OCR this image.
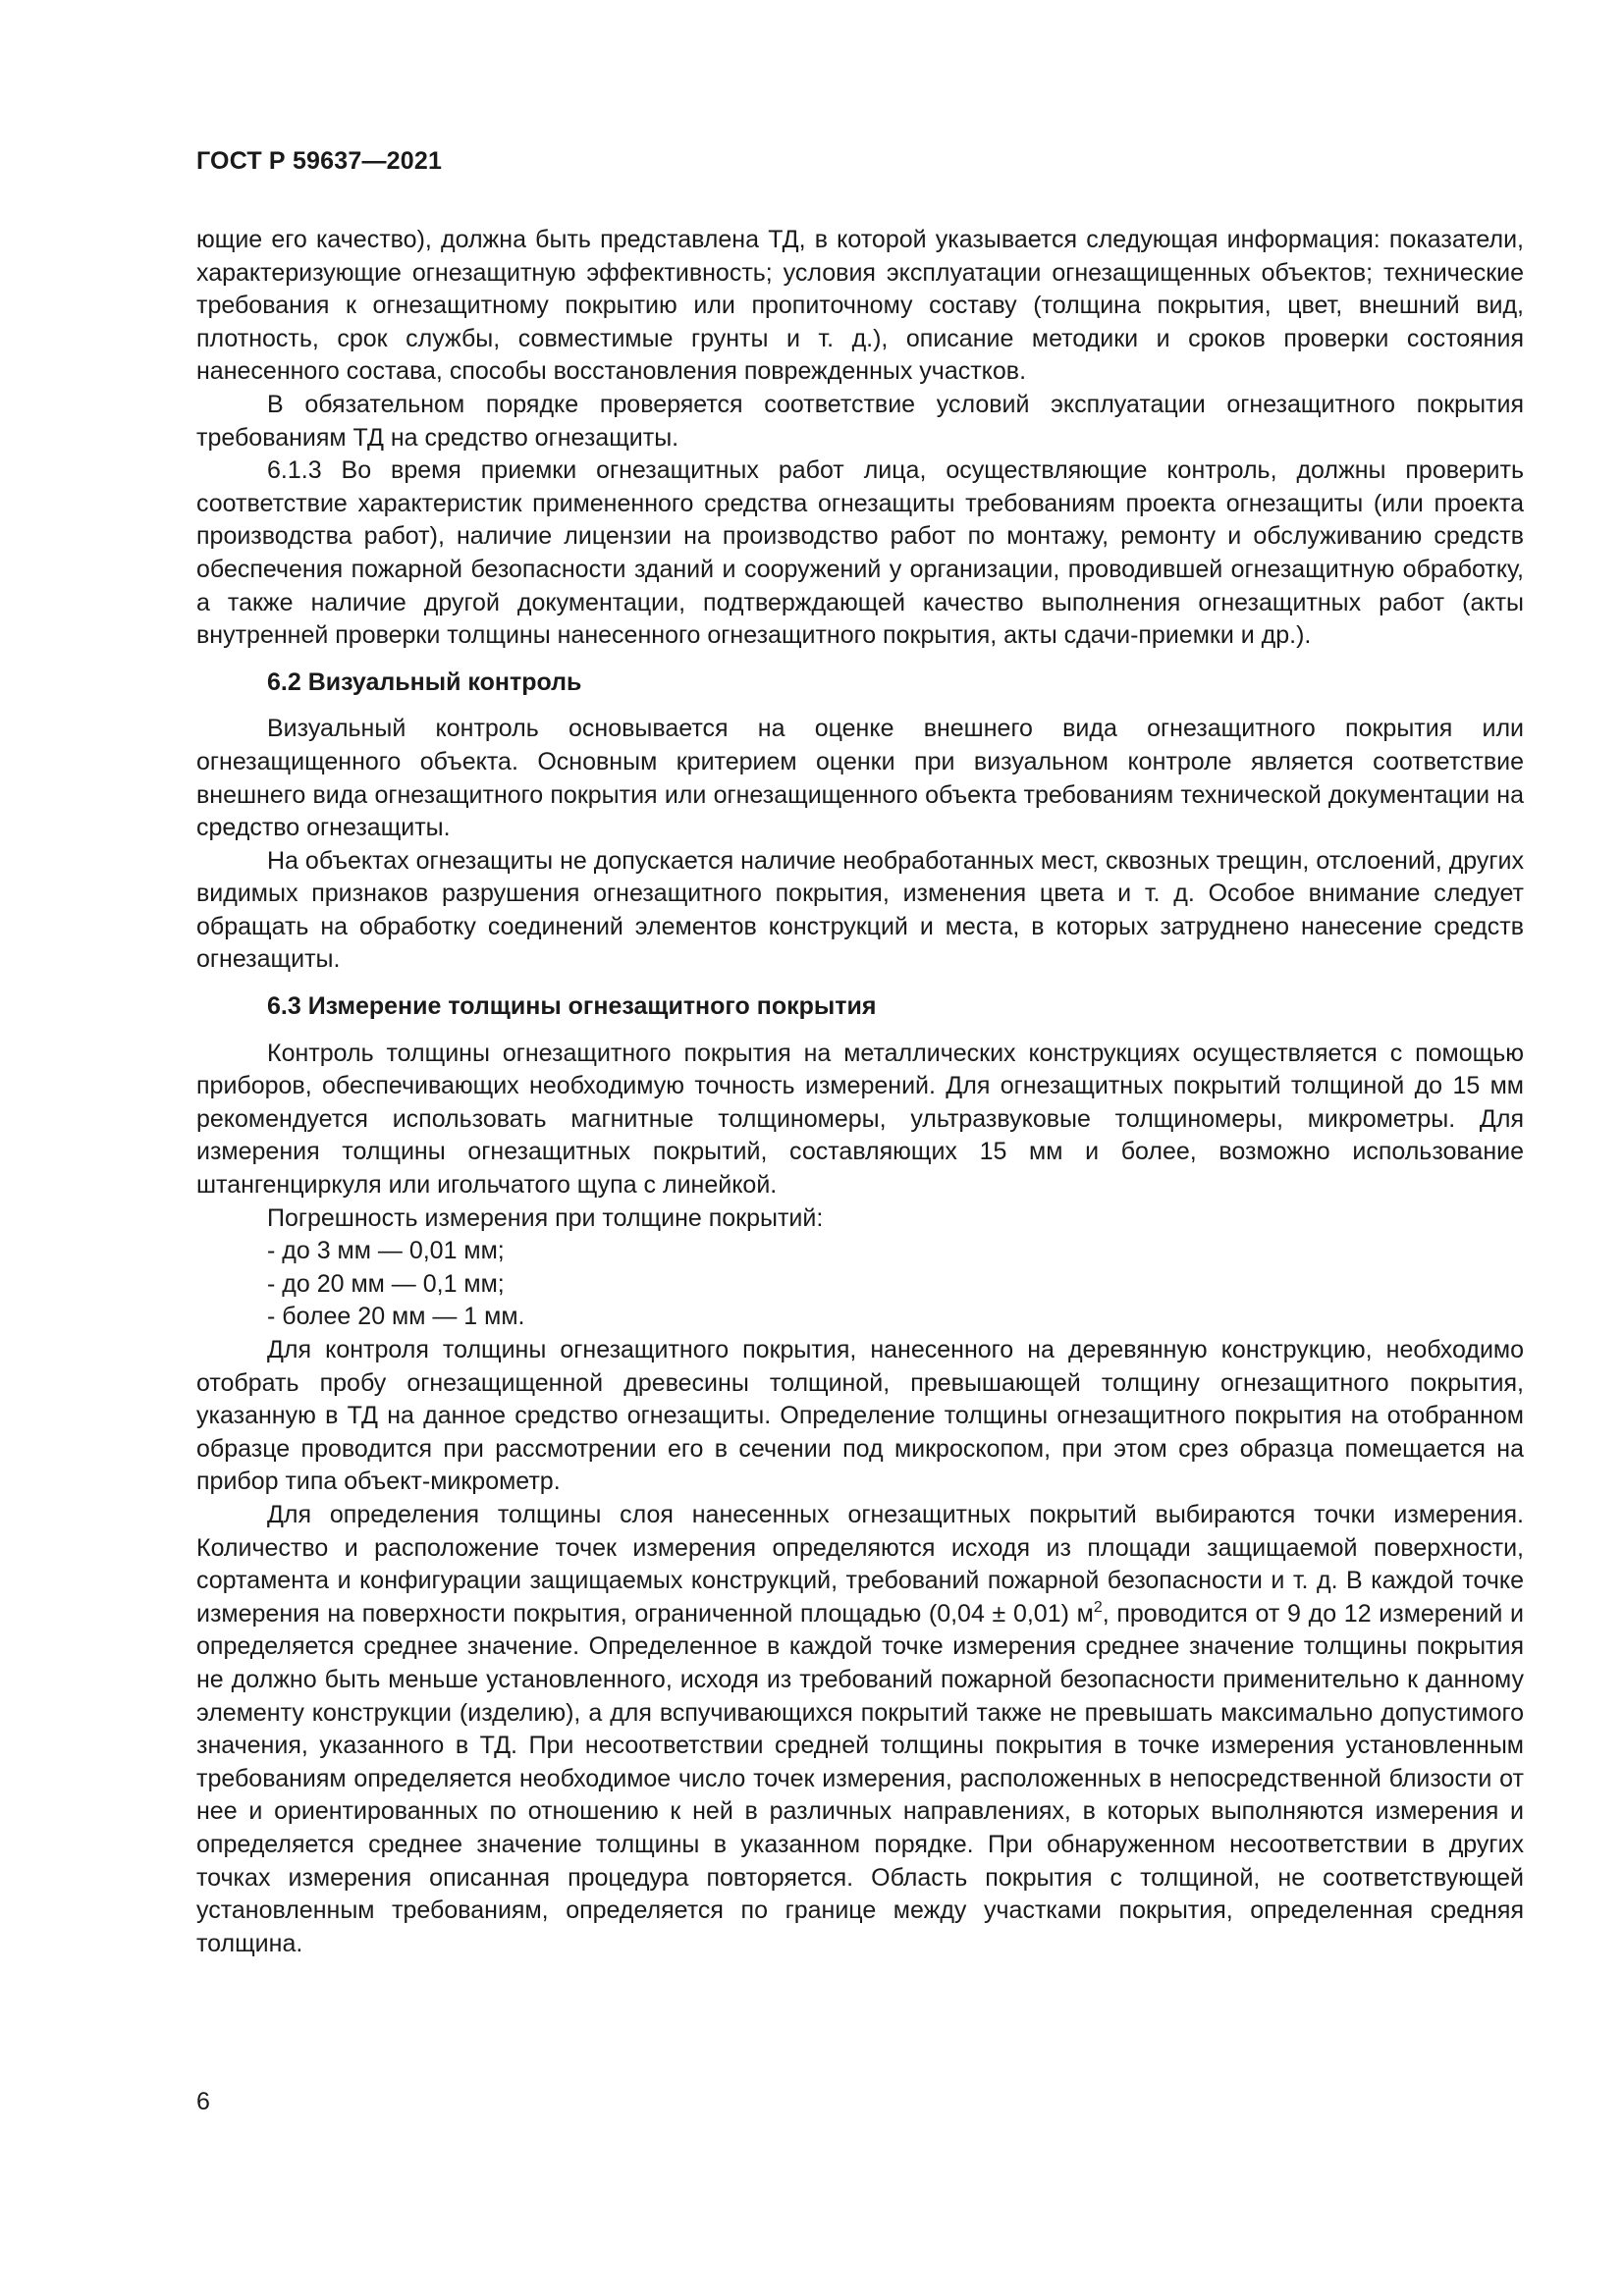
ГОСТ Р 59637—2021

ющие его качество), должна быть представлена ТД, в которой указывается следующая информация: показатели, характеризующие огнезащитную эффективность; условия эксплуатации огнезащищенных объектов; технические требования к огнезащитному покрытию или пропиточному составу (толщина покрытия, цвет, внешний вид, плотность, срок службы, совместимые грунты и т. д.), описание методики и сроков проверки состояния нанесенного состава, способы восстановления поврежденных участков.

В обязательном порядке проверяется соответствие условий эксплуатации огнезащитного покрытия требованиям ТД на средство огнезащиты.

6.1.3 Во время приемки огнезащитных работ лица, осуществляющие контроль, должны проверить соответствие характеристик примененного средства огнезащиты требованиям проекта огнезащиты (или проекта производства работ), наличие лицензии на производство работ по монтажу, ремонту и обслуживанию средств обеспечения пожарной безопасности зданий и сооружений у организации, проводившей огнезащитную обработку, а также наличие другой документации, подтверждающей качество выполнения огнезащитных работ (акты внутренней проверки толщины нанесенного огнезащитного покрытия, акты сдачи-приемки и др.).

6.2 Визуальный контроль

Визуальный контроль основывается на оценке внешнего вида огнезащитного покрытия или огнезащищенного объекта. Основным критерием оценки при визуальном контроле является соответствие внешнего вида огнезащитного покрытия или огнезащищенного объекта требованиям технической документации на средство огнезащиты.

На объектах огнезащиты не допускается наличие необработанных мест, сквозных трещин, отслоений, других видимых признаков разрушения огнезащитного покрытия, изменения цвета и т. д. Особое внимание следует обращать на обработку соединений элементов конструкций и места, в которых затруднено нанесение средств огнезащиты.

6.3 Измерение толщины огнезащитного покрытия

Контроль толщины огнезащитного покрытия на металлических конструкциях осуществляется с помощью приборов, обеспечивающих необходимую точность измерений. Для огнезащитных покрытий толщиной до 15 мм рекомендуется использовать магнитные толщиномеры, ультразвуковые толщиномеры, микрометры. Для измерения толщины огнезащитных покрытий, составляющих 15 мм и более, возможно использование штангенциркуля или игольчатого щупа с линейкой.

Погрешность измерения при толщине покрытий:

- до 3 мм — 0,01 мм;

- до 20 мм — 0,1 мм;

- более 20 мм — 1 мм.

Для контроля толщины огнезащитного покрытия, нанесенного на деревянную конструкцию, необходимо отобрать пробу огнезащищенной древесины толщиной, превышающей толщину огнезащитного покрытия, указанную в ТД на данное средство огнезащиты. Определение толщины огнезащитного покрытия на отобранном образце проводится при рассмотрении его в сечении под микроскопом, при этом срез образца помещается на прибор типа объект-микрометр.

Для определения толщины слоя нанесенных огнезащитных покрытий выбираются точки измерения. Количество и расположение точек измерения определяются исходя из площади защищаемой поверхности, сортамента и конфигурации защищаемых конструкций, требований пожарной безопасности и т. д. В каждой точке измерения на поверхности покрытия, ограниченной площадью (0,04 ± 0,01) $м^2$, проводится от 9 до 12 измерений и определяется среднее значение. Определенное в каждой точке измерения среднее значение толщины покрытия не должно быть меньше установленного, исходя из требований пожарной безопасности применительно к данному элементу конструкции (изделию), а для вспучивающихся покрытий также не превышать максимально допустимого значения, указанного в ТД. При несоответствии средней толщины покрытия в точке измерения установленным требованиям определяется необходимое число точек измерения, расположенных в непосредственной близости от нее и ориентированных по отношению к ней в различных направлениях, в которых выполняются измерения и определяется среднее значение толщины в указанном порядке. При обнаруженном несоответствии в других точках измерения описанная процедура повторяется. Область покрытия с толщиной, не соответствующей установленным требованиям, определяется по границе между участками покрытия, определенная средняя толщина.

6
